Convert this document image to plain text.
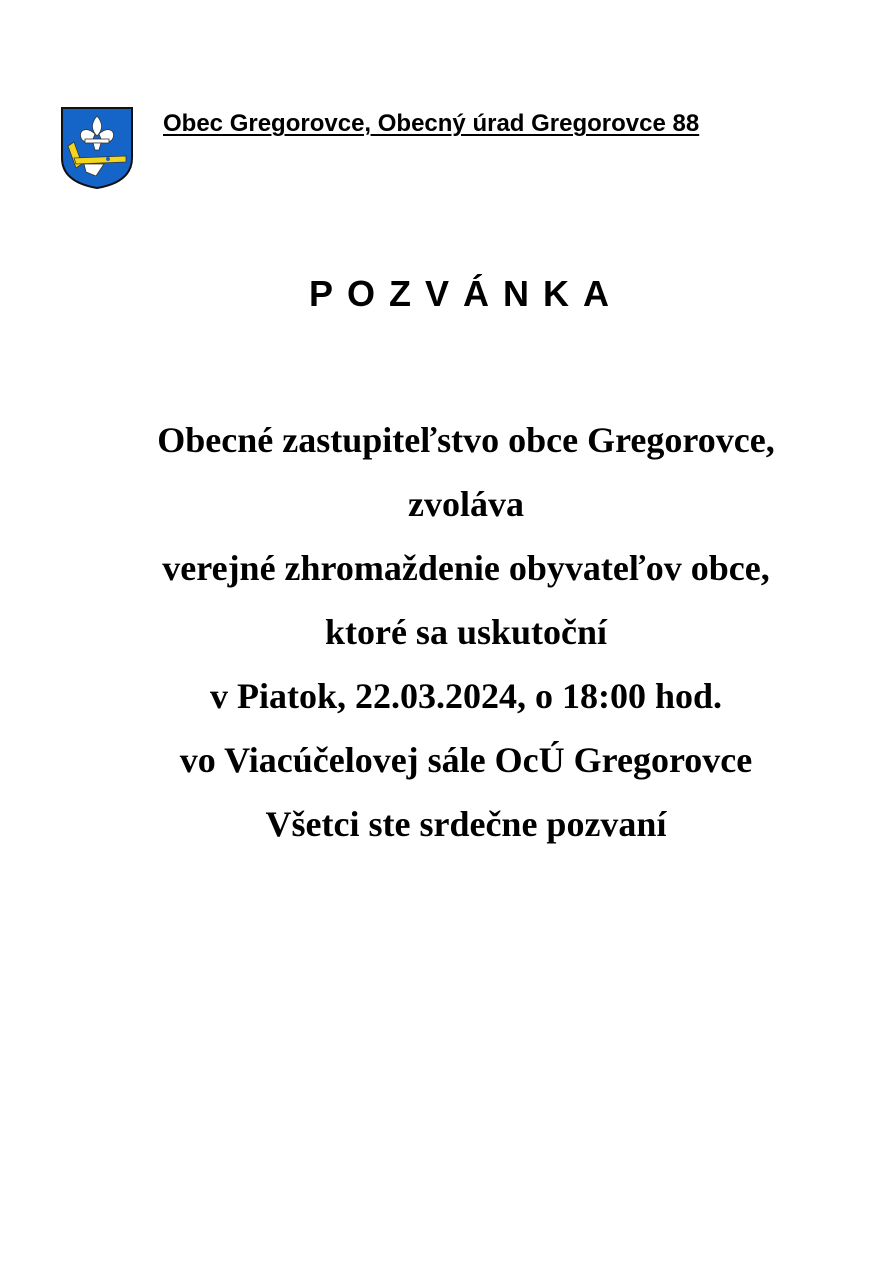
Obec Gregorovce, Obecný úrad Gregorovce 88
POZVÁNKA
Obecné zastupiteľstvo obce Gregorovce,
zvoláva
verejné zhromaždenie obyvateľov obce,
ktoré sa uskutoční
v Piatok, 22.03.2024, o 18:00 hod.
vo Viacúčelovej sále OcÚ Gregorovce
Všetci ste srdečne pozvaní
